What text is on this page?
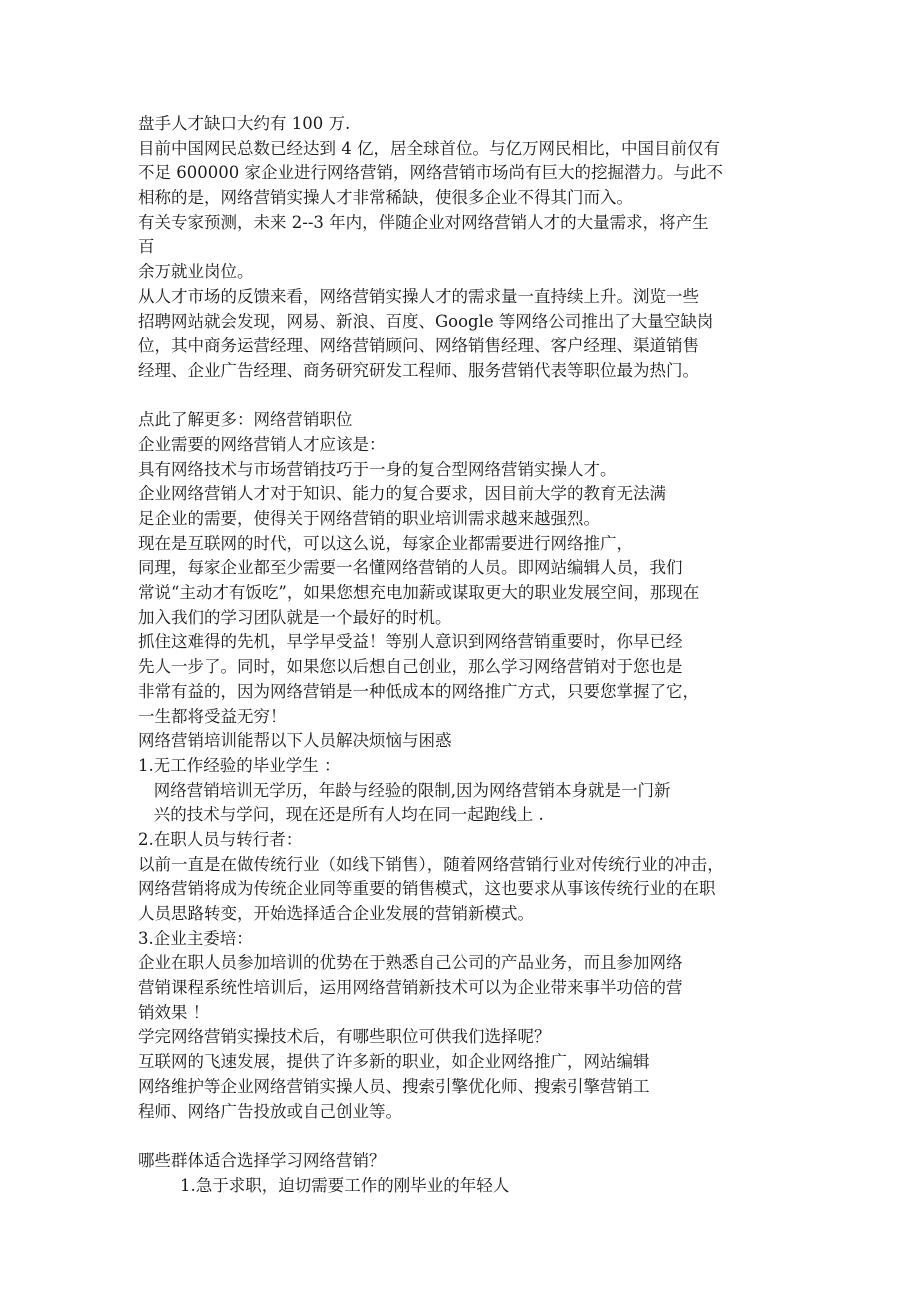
盘手人才缺口大约有 100 万.
目前中国网民总数已经达到 4 亿，居全球首位。与亿万网民相比，中国目前仅有
不足 600000 家企业进行网络营销，网络营销市场尚有巨大的挖掘潜力。与此不
相称的是，网络营销实操人才非常稀缺，使很多企业不得其门而入。
有关专家预测，未来 2--3 年内，伴随企业对网络营销人才的大量需求，将产生
百
余万就业岗位。
从人才市场的反馈来看，网络营销实操人才的需求量一直持续上升。浏览一些
招聘网站就会发现，网易、新浪、百度、Google 等网络公司推出了大量空缺岗
位，其中商务运营经理、网络营销顾问、网络销售经理、客户经理、渠道销售
经理、企业广告经理、商务研究研发工程师、服务营销代表等职位最为热门。
点此了解更多：网络营销职位
企业需要的网络营销人才应该是：
具有网络技术与市场营销技巧于一身的复合型网络营销实操人才。
企业网络营销人才对于知识、能力的复合要求，因目前大学的教育无法满
足企业的需要，使得关于网络营销的职业培训需求越来越强烈。
现在是互联网的时代，可以这么说，每家企业都需要进行网络推广，
同理，每家企业都至少需要一名懂网络营销的人员。即网站编辑人员，我们
常说“主动才有饭吃”，如果您想充电加薪或谋取更大的职业发展空间，那现在
加入我们的学习团队就是一个最好的时机。
抓住这难得的先机，早学早受益！等别人意识到网络营销重要时，你早已经
先人一步了。同时，如果您以后想自己创业，那么学习网络营销对于您也是
非常有益的，因为网络营销是一种低成本的网络推广方式，只要您掌握了它，
一生都将受益无穷！
网络营销培训能帮以下人员解决烦恼与困惑
1.无工作经验的毕业学生 ：
网络营销培训无学历，年龄与经验的限制,因为网络营销本身就是一门新
兴的技术与学问，现在还是所有人均在同一起跑线上 .
2.在职人员与转行者：
以前一直是在做传统行业（如线下销售），随着网络营销行业对传统行业的冲击，
网络营销将成为传统企业同等重要的销售模式，这也要求从事该传统行业的在职
人员思路转变，开始选择适合企业发展的营销新模式。
3.企业主委培：
企业在职人员参加培训的优势在于熟悉自己公司的产品业务，而且参加网络
营销课程系统性培训后，运用网络营销新技术可以为企业带来事半功倍的营
销效果 ！
学完网络营销实操技术后，有哪些职位可供我们选择呢？
互联网的飞速发展，提供了许多新的职业，如企业网络推广，网站编辑
网络维护等企业网络营销实操人员、搜索引擎优化师、搜索引擎营销工
程师、网络广告投放或自己创业等。
哪些群体适合选择学习网络营销？
1.急于求职，迫切需要工作的刚毕业的年轻人
